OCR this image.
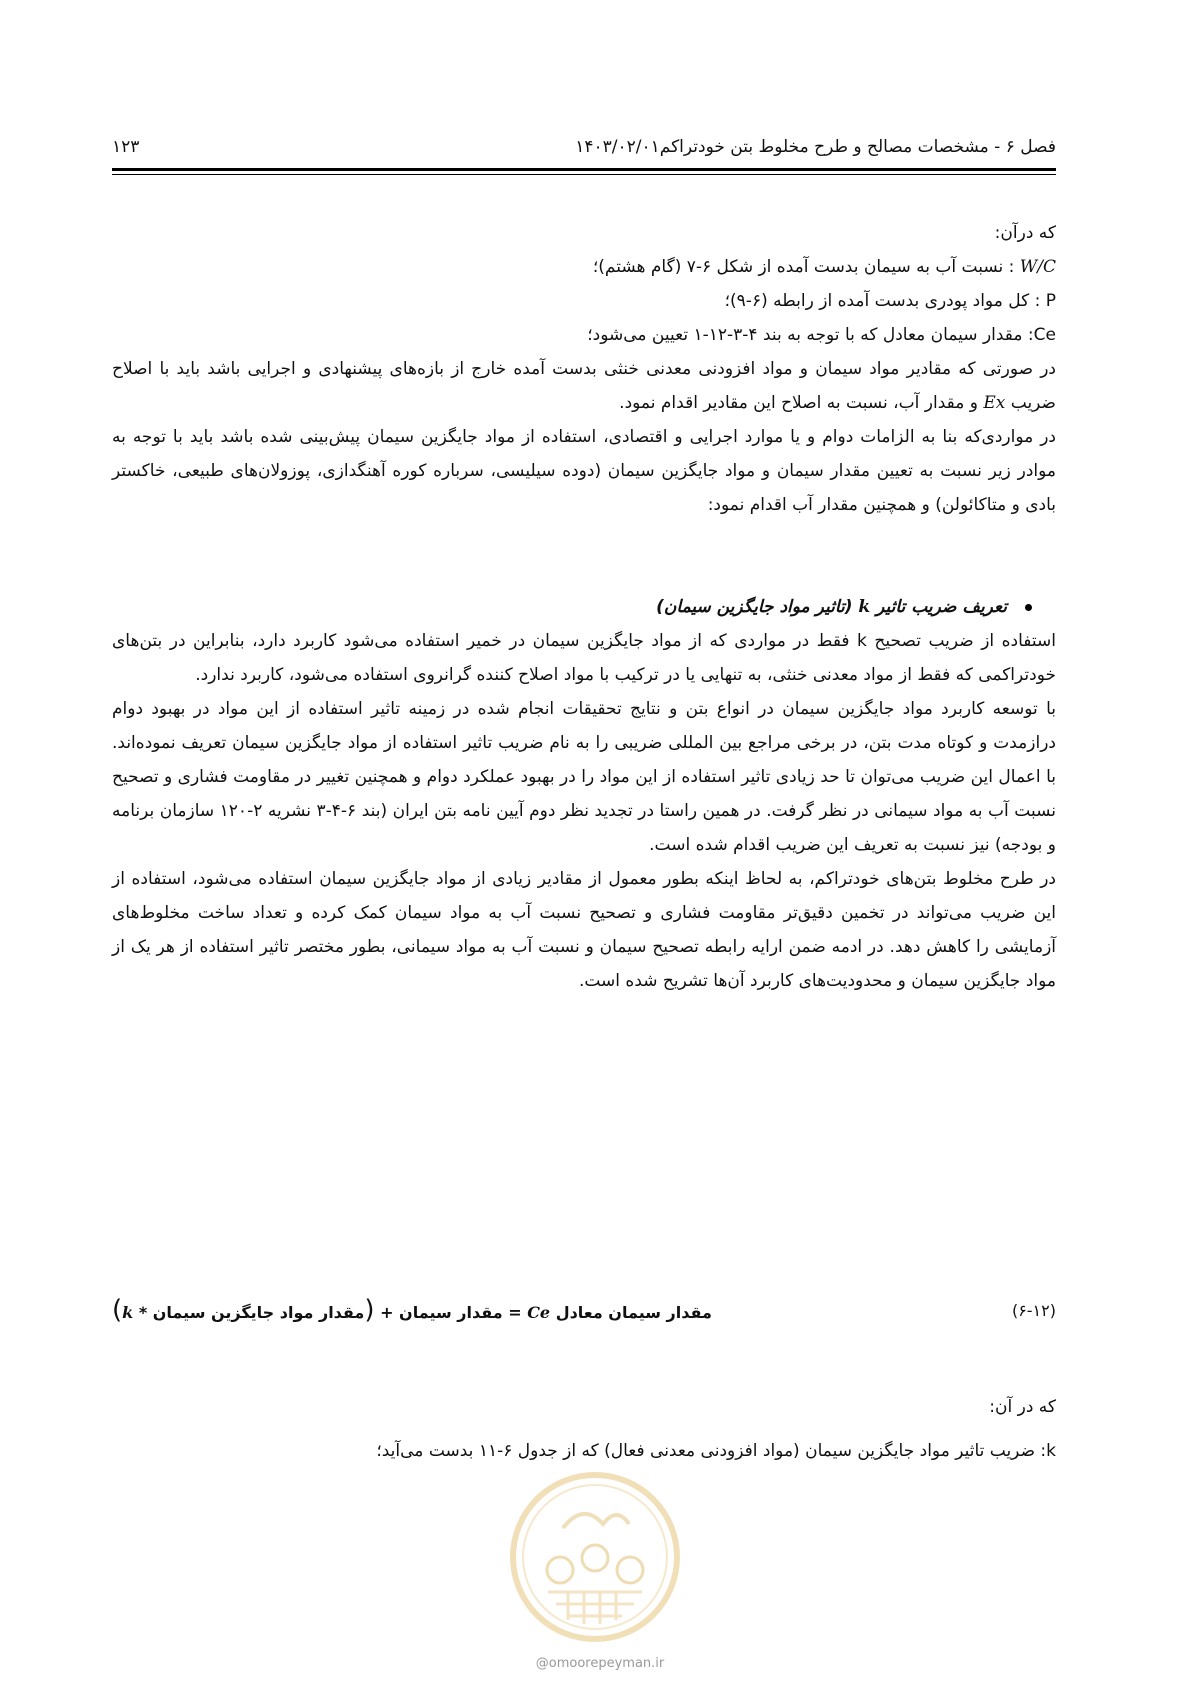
فصل ۶ - مشخصات مصالح و طرح مخلوط بتن خودتراکم۱۴۰۳/۰۲/۰۱
۱۲۳

که درآن:

W/C : نسبت آب به سیمان بدست آمده از شکل ۶-۷ (گام هشتم)؛

P : کل مواد پودری بدست آمده از رابطه (۶-۹)؛

Ce: مقدار سیمان معادل که با توجه به بند ۴-۳-۱۲-۱ تعیین می‌شود؛

در صورتی که مقادیر مواد سیمان و مواد افزودنی معدنی خنثی بدست آمده خارج از بازه‌های پیشنهادی و اجرایی باشد باید با اصلاح ضریب Ex و مقدار آب، نسبت به اصلاح این مقادیر اقدام نمود.

در مواردی‌که بنا به الزامات دوام و یا موارد اجرایی و اقتصادی، استفاده از مواد جایگزین سیمان پیش‌بینی شده باشد باید با توجه به موادر زیر نسبت به تعیین مقدار سیمان و مواد جایگزین سیمان (دوده سیلیسی، سرباره کوره آهنگدازی، پوزولان‌های طبیعی، خاکستر بادی و متاکائولن) و همچنین مقدار آب اقدام نمود:

تعریف ضریب تاثیر k (تاثیر مواد جایگزین سیمان)

استفاده از ضریب تصحیح k فقط در مواردی که از مواد جایگزین سیمان در خمیر استفاده می‌شود کاربرد دارد، بنابراین در بتن‌های خودتراکمی که فقط از مواد معدنی خنثی، به تنهایی یا در ترکیب با مواد اصلاح کننده گرانروی استفاده می‌شود، کاربرد ندارد.

با توسعه کاربرد مواد جایگزین سیمان در انواع بتن و نتایج تحقیقات انجام شده در زمینه تاثیر استفاده از این مواد در بهبود دوام درازمدت و کوتاه مدت بتن، در برخی مراجع بین المللی ضریبی را به نام ضریب تاثیر استفاده از مواد جایگزین سیمان تعریف نموده‌اند. با اعمال این ضریب می‌توان تا حد زیادی تاثیر استفاده از این مواد را در بهبود عملکرد دوام و همچنین تغییر در مقاومت فشاری و تصحیح نسبت آب به مواد سیمانی در نظر گرفت. در همین راستا در تجدید نظر دوم آیین نامه بتن ایران (بند ۶-۴-۳ نشریه ۲-۱۲۰ سازمان برنامه و بودجه) نیز نسبت به تعریف این ضریب اقدام شده است.

در طرح مخلوط بتن‌های خودتراکم، به لحاظ اینکه بطور معمول از مقادیر زیادی از مواد جایگزین سیمان استفاده می‌شود، استفاده از این ضریب می‌تواند در تخمین دقیق‌تر مقاومت فشاری و تصحیح نسبت آب به مواد سیمان کمک کرده و تعداد ساخت مخلوط‌های آزمایشی را کاهش دهد. در ادمه ضمن ارایه رابطه تصحیح سیمان و نسبت آب به مواد سیمانی، بطور مختصر تاثیر استفاده از هر یک از مواد جایگزین سیمان و محدودیت‌های کاربرد آن‌ها تشریح شده است.

(۶-۱۲)
مقدار سیمان معادل Ce = مقدار سیمان + (مقدار مواد جایگزین سیمان * k)

که در آن:

k: ضریب تاثیر مواد جایگزین سیمان (مواد افزودنی معدنی فعال) که از جدول ۶-۱۱ بدست می‌آید؛

@omoorepeyman.ir
